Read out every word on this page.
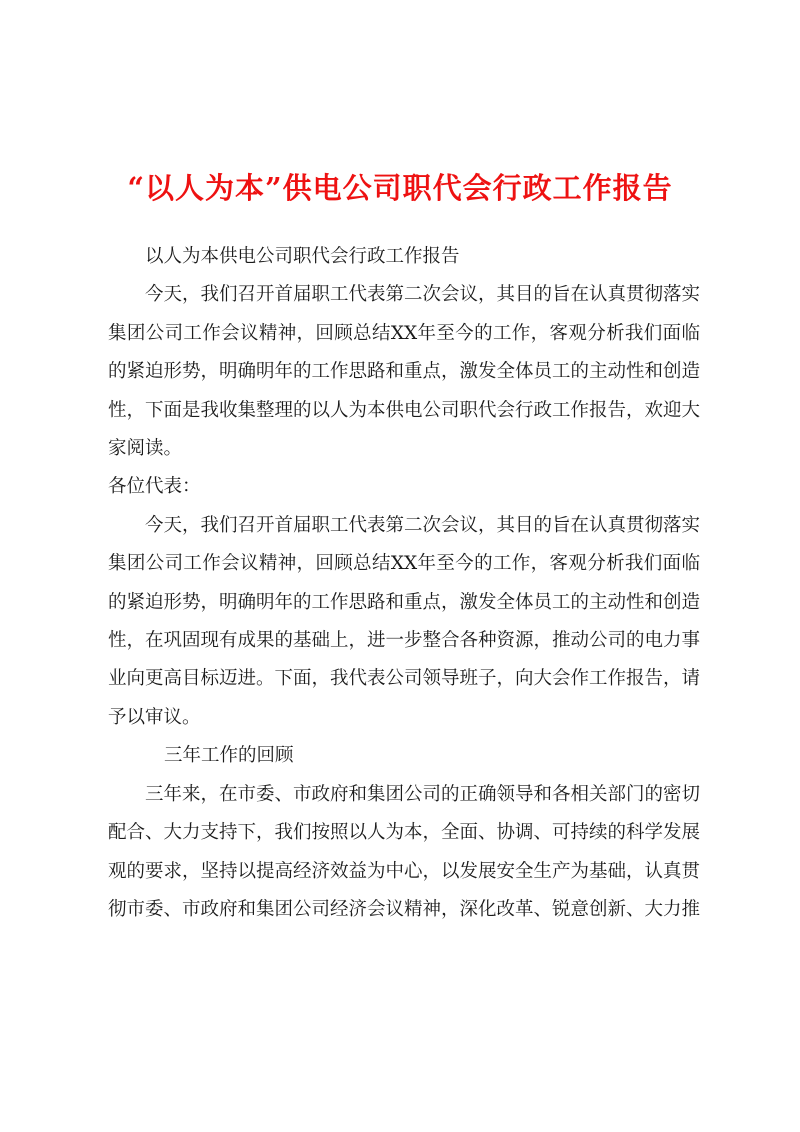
“以人为本”供电公司职代会行政工作报告

以人为本供电公司职代会行政工作报告

今天，我们召开首届职工代表第二次会议，其目的旨在认真贯彻落实集团公司工作会议精神，回顾总结XX年至今的工作，客观分析我们面临的紧迫形势，明确明年的工作思路和重点，激发全体员工的主动性和创造性，下面是我收集整理的以人为本供电公司职代会行政工作报告，欢迎大家阅读。

各位代表：

今天，我们召开首届职工代表第二次会议，其目的旨在认真贯彻落实集团公司工作会议精神，回顾总结XX年至今的工作，客观分析我们面临的紧迫形势，明确明年的工作思路和重点，激发全体员工的主动性和创造性，在巩固现有成果的基础上，进一步整合各种资源，推动公司的电力事业向更高目标迈进。下面，我代表公司领导班子，向大会作工作报告，请予以审议。

三年工作的回顾

三年来，在市委、市政府和集团公司的正确领导和各相关部门的密切配合、大力支持下，我们按照以人为本，全面、协调、可持续的科学发展观的要求，坚持以提高经济效益为中心，以发展安全生产为基础，认真贯彻市委、市政府和集团公司经济会议精神，深化改革、锐意创新、大力推
